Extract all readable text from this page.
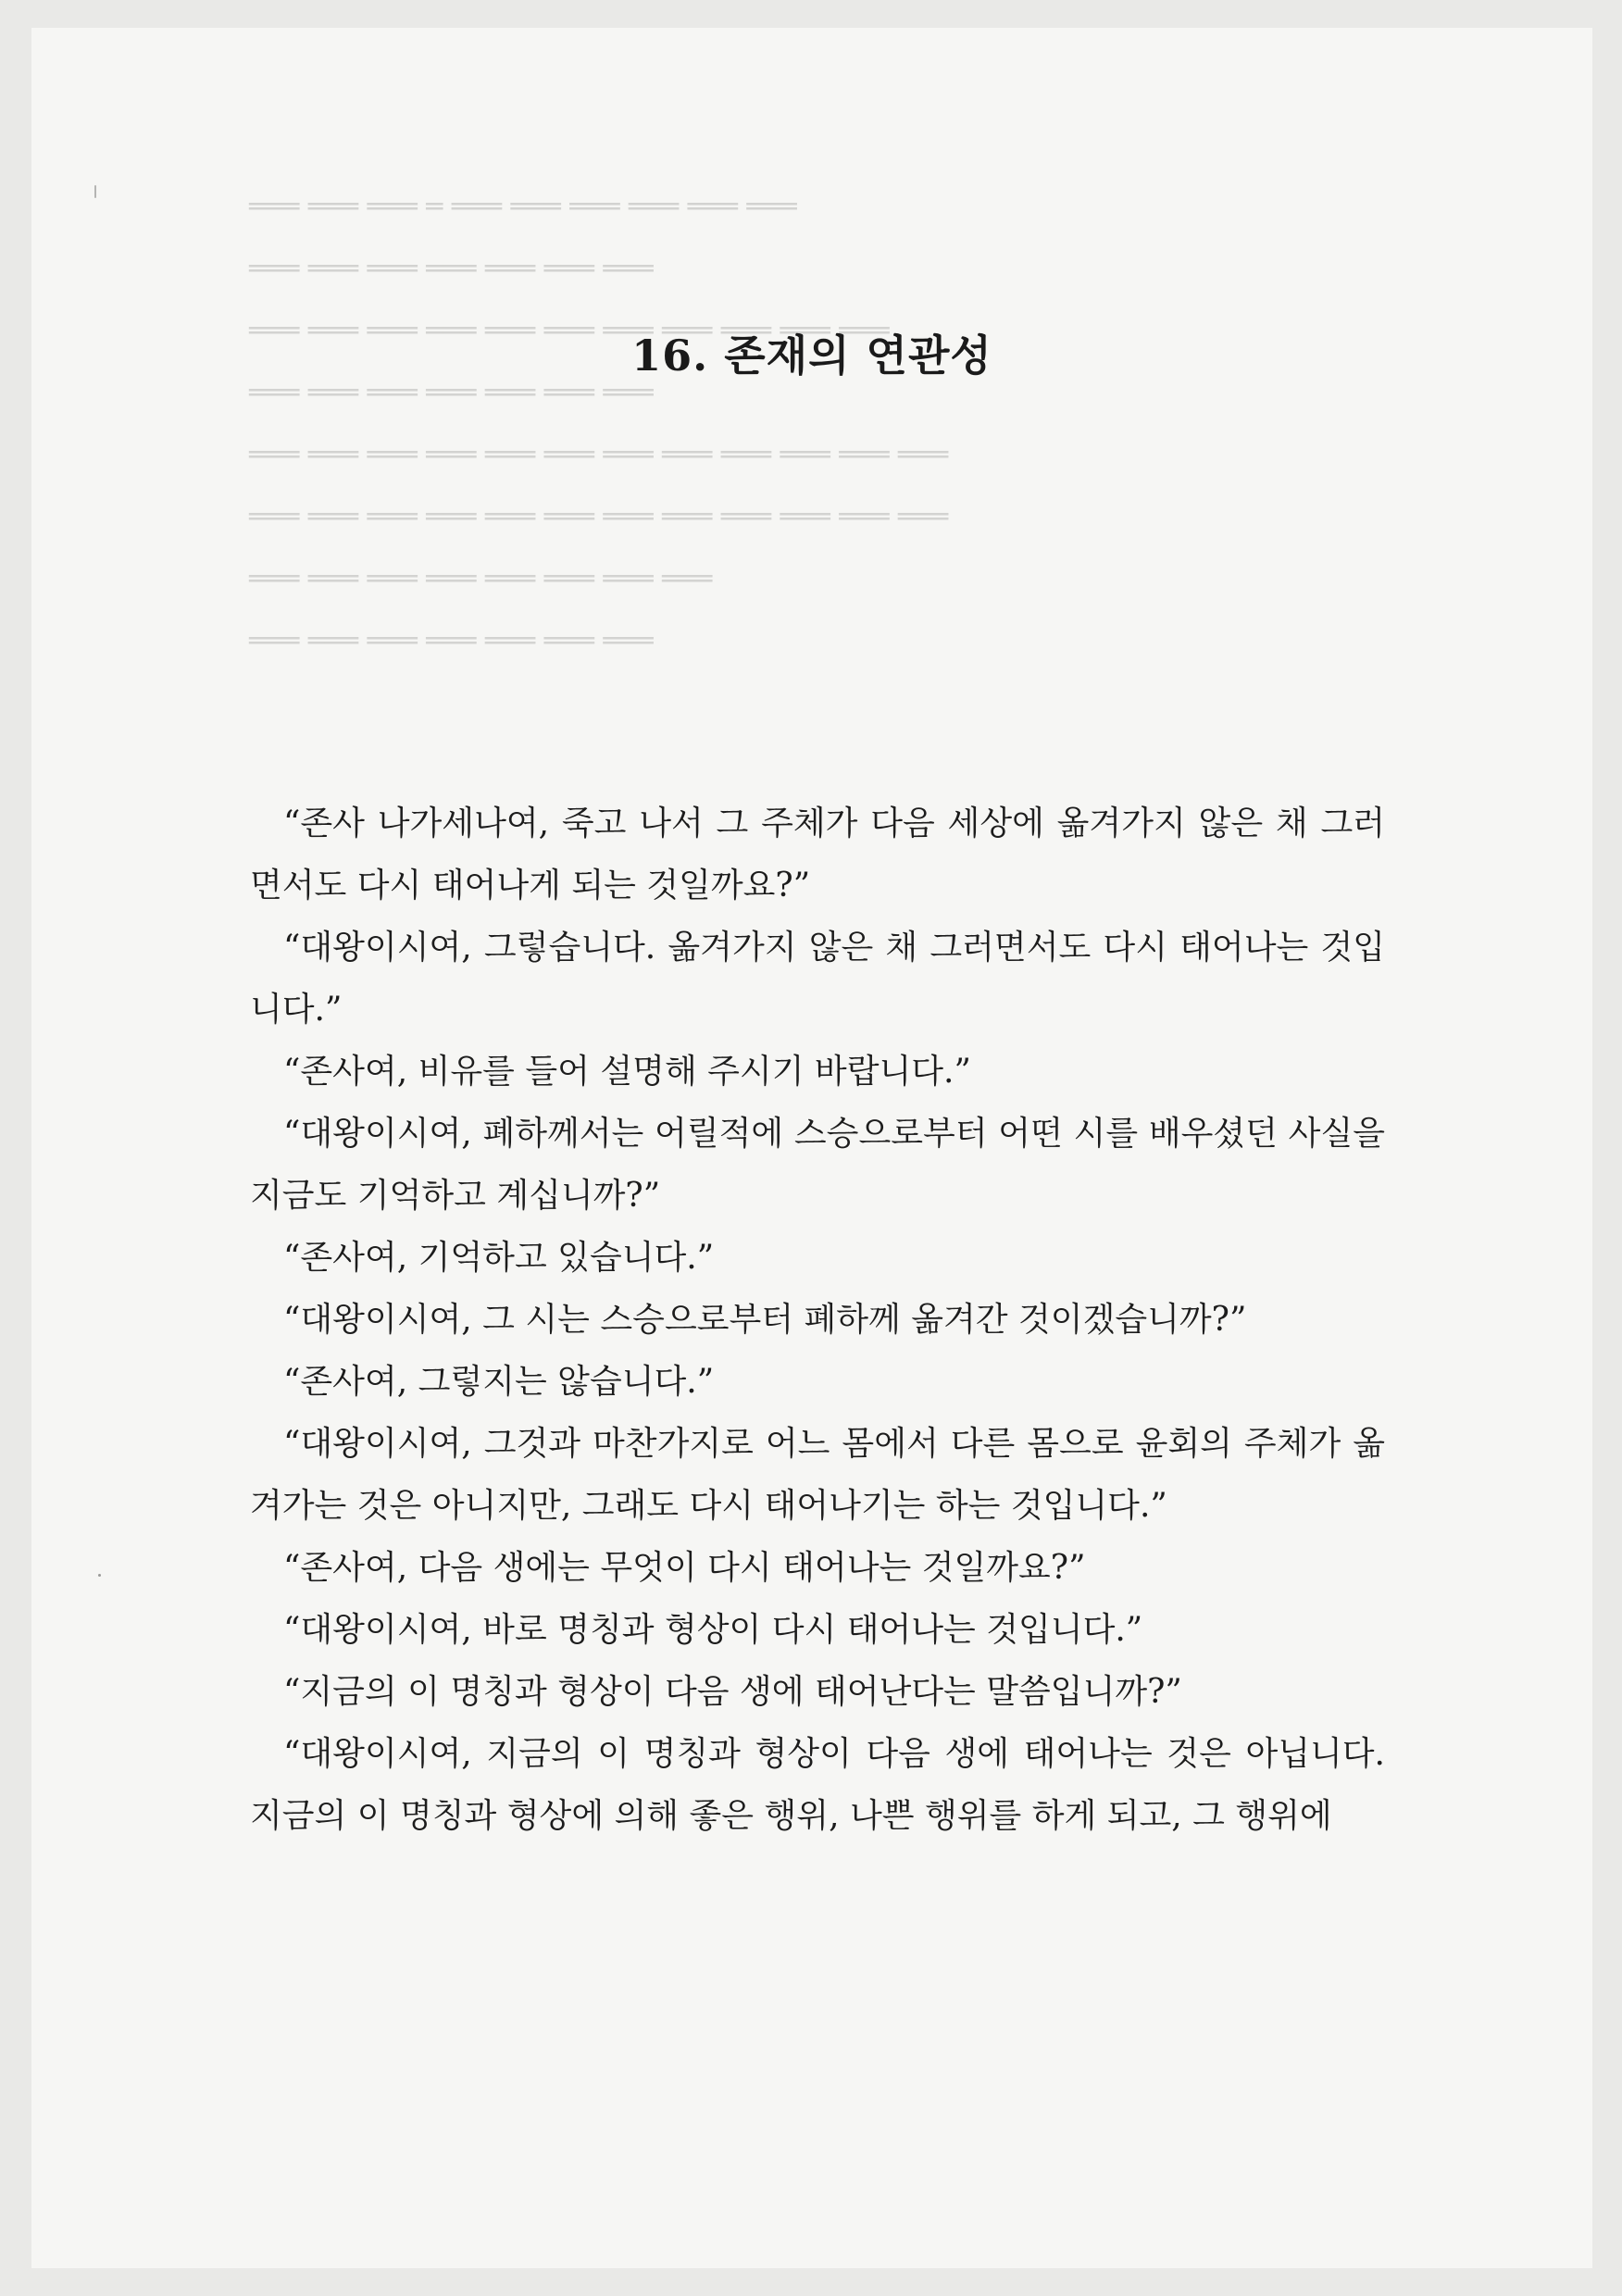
═══ ═══ ═══ ═ ═══ ═══ ═══ ═══ ═══ ═══
═══ ═══ ═══ ═══ ═══ ═══ ═══
═══ ═══ ═══ ═══ ═══ ═══ ═══ ═══ ═══ ═══ ═══
═══ ═══ ═══ ═══ ═══ ═══ ═══
═══ ═══ ═══ ═══ ═══ ═══ ═══ ═══ ═══ ═══ ═══ ═══
═══ ═══ ═══ ═══ ═══ ═══ ═══ ═══ ═══ ═══ ═══ ═══
═══ ═══ ═══ ═══ ═══ ═══ ═══ ═══
═══ ═══ ═══ ═══ ═══ ═══ ═══
16. 존재의 연관성

“존사 나가세나여, 죽고 나서 그 주체가 다음 세상에 옮겨가지 않은 채 그러면서도 다시 태어나게 되는 것일까요?”

“대왕이시여, 그렇습니다. 옮겨가지 않은 채 그러면서도 다시 태어나는 것입니다.”

“존사여, 비유를 들어 설명해 주시기 바랍니다.”

“대왕이시여, 폐하께서는 어릴적에 스승으로부터 어떤 시를 배우셨던 사실을 지금도 기억하고 계십니까?”

“존사여, 기억하고 있습니다.”

“대왕이시여, 그 시는 스승으로부터 폐하께 옮겨간 것이겠습니까?”

“존사여, 그렇지는 않습니다.”

“대왕이시여, 그것과 마찬가지로 어느 몸에서 다른 몸으로 윤회의 주체가 옮겨가는 것은 아니지만, 그래도 다시 태어나기는 하는 것입니다.”

“존사여, 다음 생에는 무엇이 다시 태어나는 것일까요?”

“대왕이시여, 바로 명칭과 형상이 다시 태어나는 것입니다.”

“지금의 이 명칭과 형상이 다음 생에 태어난다는 말씀입니까?”

“대왕이시여, 지금의 이 명칭과 형상이 다음 생에 태어나는 것은 아닙니다. 지금의 이 명칭과 형상에 의해 좋은 행위, 나쁜 행위를 하게 되고, 그 행위에
